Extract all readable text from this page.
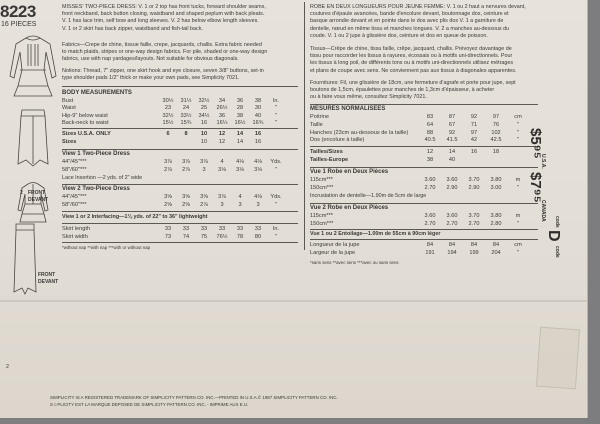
8223
16 PIECES
2 FRONT
DEVANT
FRONT
DEVANT
2
MISSES' TWO-PIECE DRESS: V. 1 or 2 top has front tucks, forward shoulder seams,
front neckband, back button closing, waistband and shaped peplum with back pleats.
V. 1 has lace trim, self bow and long sleeves. V. 2 has below elbow length sleeves.
V. 1 or 2 skirt has back zipper, waistband and fish-tail back.
Fabrics—Crepe de chine, tissue faille, crepe, jacquards, challis. Extra fabric needed
to match plaids, stripes or one-way design fabrics. For pile, shaded or one-way design
fabrics, use with nap yardages/layouts. Not suitable for obvious diagonals.
Notions: Thread, 7" zipper, one skirt hook and eye closure, seven 3/8" buttons, set-in
type shoulder pads 1/2" thick or make your own pads, see Simplicity 7021.
BODY MEASUREMENTS
Bust	30½	31½	32½	34	36	38	In.
Waist	23	24	25	26½	28	30	"
Hip-9" below waist	32½	33½	34½	36	38	40	"
Back-neck to waist	15½	15¾	16	16¼	16½	16¾	"
Sizes U.S.A. ONLY	6	8	10	12	14	16
Sizes	10	12	14	16
View 1 Two-Piece Dress
44"/45"***	3⅞	3⅞	3⅞	4	4⅛	4⅛	Yds.
58"/60"***	2⅞	2⅞	3	3⅛	3⅛	3⅛	"
Lace Insertion —2 yds. of 2" wide
View 2 Two-Piece Dress
44"/45"***	3⅝	3⅝	3⅝	3⅞	4	4⅛	Yds.
58"/60"***	2⅝	2⅝	2⅞	3	3	3	"
View 1 or 2 Interfacing—1⅛ yds. of 22" to 36" lightweight
Skirt length	33	33	33	33	33	33	In.
Skirt width	73	74	75	76½	78	80	"
*without nap **with nap ***with or without nap
ROBE EN DEUX LONGUEURS POUR JEUNE FEMME: V. 1 ou 2 haut a nervures devant,
coutures d'épaule avancées, bande d'encolure devant, boutonnage dos, ceinture et
basque arrondie devant et en pointe dans le dos avec plis dos V. 1 a garniture de
dentelle, nœud en même tissu et manches longues. V. 2 a manches au-dessous du
coude. V. 1 ou 2 jupe à glissière dos, ceinture et dos en queue de poisson.
Tissus—Crêpe de chine, tissu faille, crêpe, jacquard, challis. Prévoyez davantage de
tissu pour raccorder les tissus à rayures, écossais ou à motifs uni-directionnels. Pour
les tissus à long poil, de différents tons ou à motifs uni-directionnels utilisez métrages
et plans de coupe avec sens. Ne conviennent pas aux tissus à diagonales apparentes.
Fournitures: Fil, une glissière de 18cm, une fermeture d'agrafe et porte pour jupe, sept
boutons de 1,5cm, épaulettes pour manches de 1,3cm d'épaisseur, à acheter
ou à faire vous même, consultez Simplicity 7021.
MESURES NORMALISEES
Poitrine	83	87	92	97	cm
Taille	64	67	71	76	"
Hanches (23cm au-dessous de la taille)	88	92	97	102	"
Dos (encolure à taille)	40.5	41.5	42	42.5	"
Tailles/Sizes	12	14	16	18
Tailles-Europe	38	40
Vue 1 Robe en Deux Pièces
115cm***	3.60	3.60	3.70	3.80	m
150cm***	2.70	2.90	2.90	3.00	"
Incrustation de dentelle—1.90m de 5cm de large
Vue 2 Robe en Deux Pièces
115cm***	3.60	3.60	3.70	3.80	m
150cm***	2.70	2.70	2.70	2.80	"
Vue 1 ou 2 Entoilage—1.00m de 55cm à 90cm léger
Longueur de la jupe	84	84	84	84	cm
Largeur de la jupe	191	194	199	204	"
*sans sens **avec sens ***avec ou sans sens
$5⁹⁵
U.S.A.
$7⁹⁵
CANADA
code
D
code
SIMPLICITY IS A REGISTERED TRADEMARK OF SIMPLICITY PATTERN CO. INC.—PRINTED IN U.S.A.© 1987 SIMPLICITY PATTERN CO. INC.
S☺PLICITY EST LA MARQUE DEPOSEE DE SIMPLICITY PATTERN CO. INC. - IMPRIME AUX E.U.
